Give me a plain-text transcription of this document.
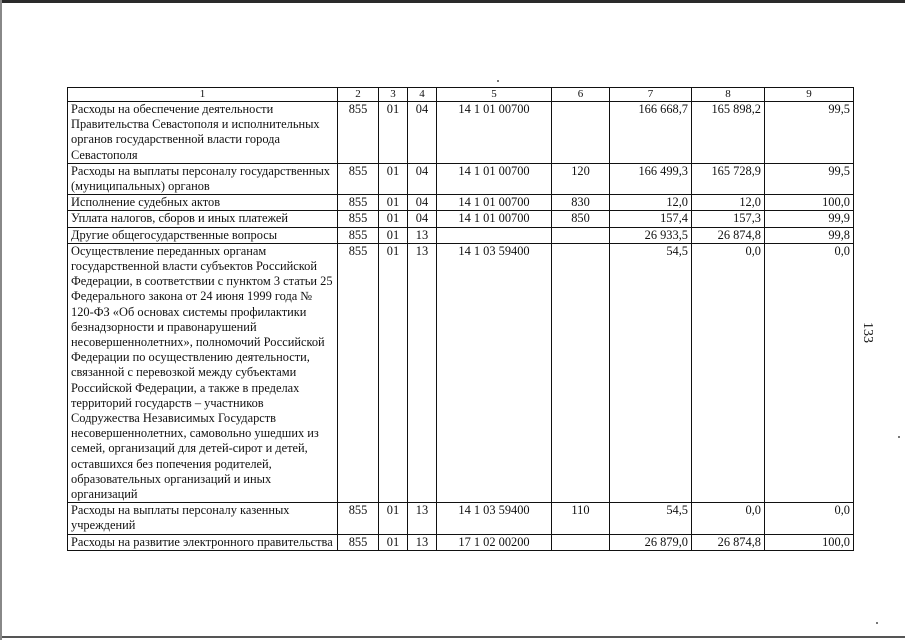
1	2	3	4	5	6	7	8	9
Расходы на обеспечение деятельности Правительства Севастополя и исполнительных органов государственной власти города Севастополя	855	01	04	14 1 01 00700		166 668,7	165 898,2	99,5
Расходы на выплаты персоналу государственных (муниципальных) органов	855	01	04	14 1 01 00700	120	166 499,3	165 728,9	99,5
Исполнение судебных актов	855	01	04	14 1 01 00700	830	12,0	12,0	100,0
Уплата налогов, сборов и иных платежей	855	01	04	14 1 01 00700	850	157,4	157,3	99,9
Другие общегосударственные вопросы	855	01	13			26 933,5	26 874,8	99,8
Осуществление переданных органам государственной власти субъектов Российской Федерации, в соответствии с пунктом 3 статьи 25 Федерального закона от 24 июня 1999 года № 120-ФЗ «Об основах системы профилактики безнадзорности и правонарушений несовершеннолетних», полномочий Российской Федерации по осуществлению деятельности, связанной с перевозкой между субъектами Российской Федерации, а также в пределах территорий государств – участников Содружества Независимых Государств несовершеннолетних, самовольно ушедших из семей, организаций для детей-сирот и детей, оставшихся без попечения родителей, образовательных организаций и иных организаций	855	01	13	14 1 03 59400		54,5	0,0	0,0
Расходы на выплаты персоналу казенных учреждений	855	01	13	14 1 03 59400	110	54,5	0,0	0,0
Расходы на развитие электронного правительства	855	01	13	17 1 02 00200		26 879,0	26 874,8	100,0
133
